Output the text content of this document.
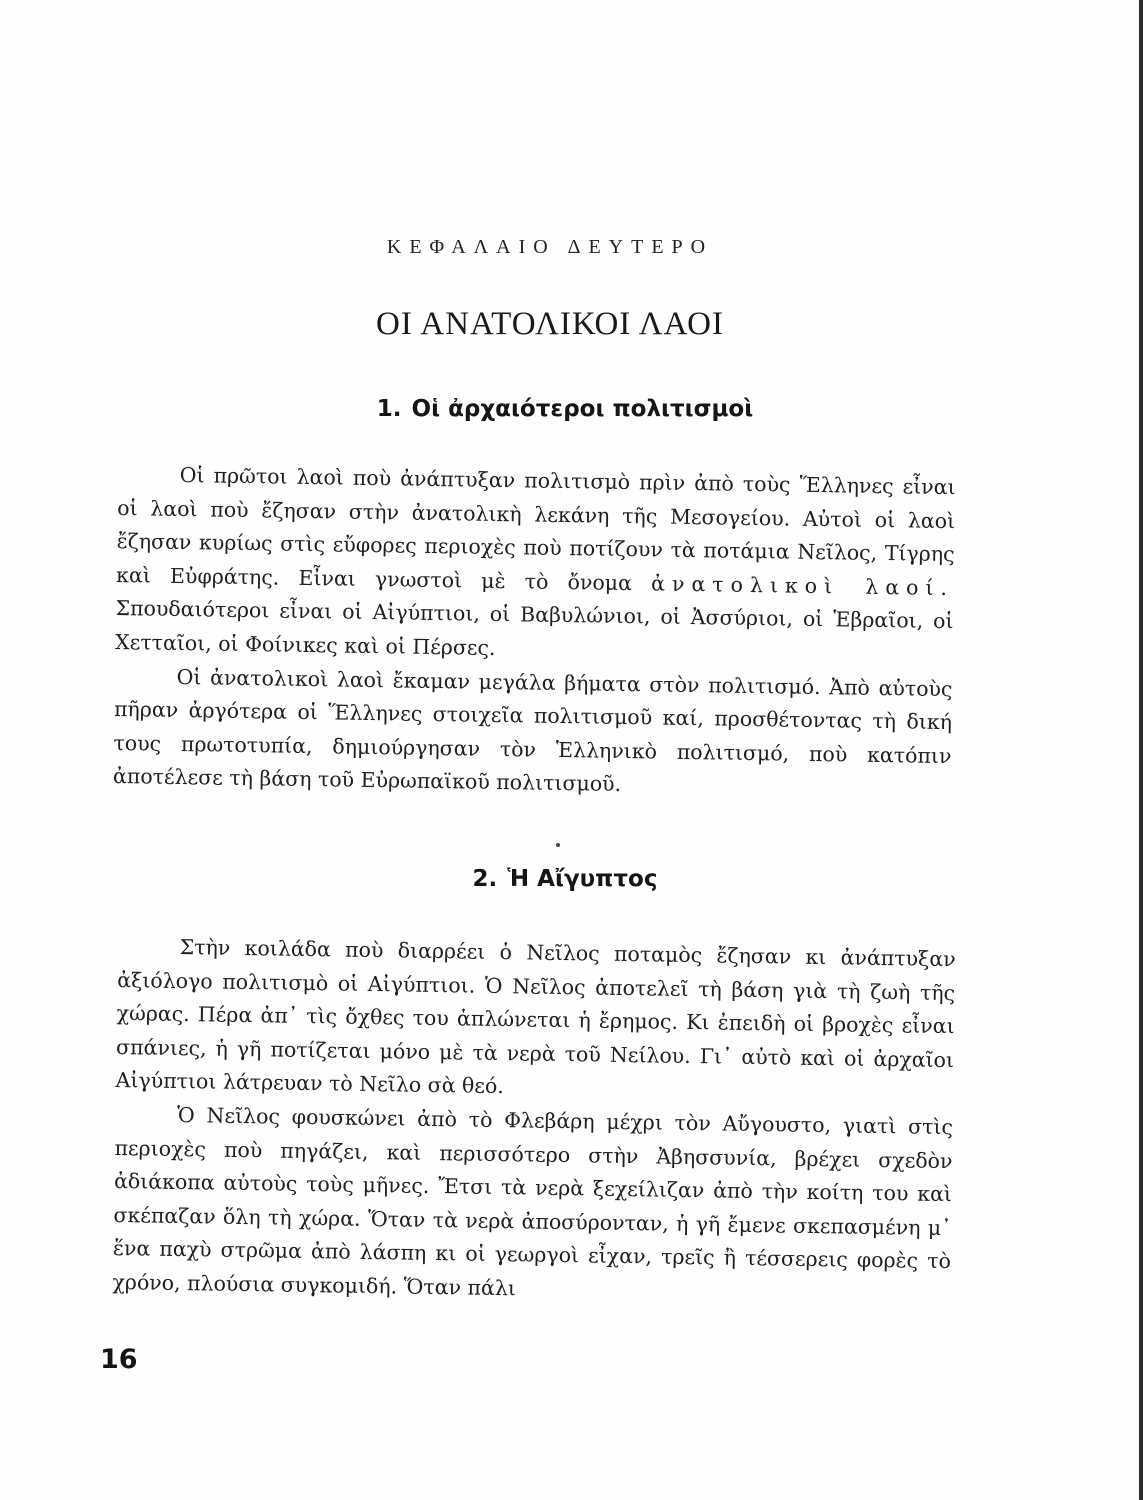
ΚΕΦΑΛΑΙΟ ΔΕΥΤΕΡΟ
ΟΙ ΑΝΑΤΟΛΙΚΟΙ ΛΑΟΙ
1. Οἱ ἀρχαιότεροι πολιτισμοὶ

Οἱ πρῶτοι λαοὶ ποὺ ἀνάπτυξαν πολιτισμὸ πρὶν ἀπὸ τοὺς Ἕλληνες εἶναι οἱ λαοὶ ποὺ ἔζησαν στὴν ἀνατολικὴ λεκάνη τῆς Μεσογείου. Αὐτοὶ οἱ λαοὶ ἔζησαν κυρίως στὶς εὔφορες περιοχὲς ποὺ ποτίζουν τὰ ποτάμια Νεῖλος, Τίγρης καὶ Εὐφράτης. Εἶναι γνωστοὶ μὲ τὸ ὄνομα ἀνατολικοὶ λαοί. Σπουδαιότεροι εἶναι οἱ Αἰγύπτιοι, οἱ Βαβυλώνιοι, οἱ Ἀσσύριοι, οἱ Ἑβραῖοι, οἱ Χετταῖοι, οἱ Φοίνικες καὶ οἱ Πέρσες.

Οἱ ἀνατολικοὶ λαοὶ ἔκαμαν μεγάλα βήματα στὸν πολιτισμό. Ἀπὸ αὐτοὺς πῆραν ἀργότερα οἱ Ἕλληνες στοιχεῖα πολιτισμοῦ καί, προσθέτοντας τὴ δική τους πρωτοτυπία, δημιούργησαν τὸν Ἑλληνικὸ πολιτισμό, ποὺ κατόπιν ἀποτέλεσε τὴ βάση τοῦ Εὐρωπαϊκοῦ πολιτισμοῦ.

2. Ἡ Αἴγυπτος

Στὴν κοιλάδα ποὺ διαρρέει ὁ Νεῖλος ποταμὸς ἔζησαν κι ἀνάπτυξαν ἀξιόλογο πολιτισμὸ οἱ Αἰγύπτιοι. Ὁ Νεῖλος ἀποτελεῖ τὴ βάση γιὰ τὴ ζωὴ τῆς χώρας. Πέρα ἀπ᾿ τὶς ὄχθες του ἁπλώνεται ἡ ἔρημος. Κι ἐπειδὴ οἱ βροχὲς εἶναι σπάνιες, ἡ γῆ ποτίζεται μόνο μὲ τὰ νερὰ τοῦ Νείλου. Γι᾿ αὐτὸ καὶ οἱ ἀρχαῖοι Αἰγύπτιοι λάτρευαν τὸ Νεῖλο σὰ θεό.

Ὁ Νεῖλος φουσκώνει ἀπὸ τὸ Φλεβάρη μέχρι τὸν Αὔγουστο, γιατὶ στὶς περιοχὲς ποὺ πηγάζει, καὶ περισσότερο στὴν Ἀβησσυνία, βρέχει σχεδὸν ἀδιάκοπα αὐτοὺς τοὺς μῆνες. Ἔτσι τὰ νερὰ ξεχείλιζαν ἀπὸ τὴν κοίτη του καὶ σκέπαζαν ὅλη τὴ χώρα. Ὅταν τὰ νερὰ ἀποσύρονταν, ἡ γῆ ἔμενε σκεπασμένη μ᾿ ἕνα παχὺ στρῶμα ἀπὸ λάσπη κι οἱ γεωργοὶ εἶχαν, τρεῖς ἢ τέσσερεις φορὲς τὸ χρόνο, πλούσια συγκομιδή. Ὅταν πάλι

16
